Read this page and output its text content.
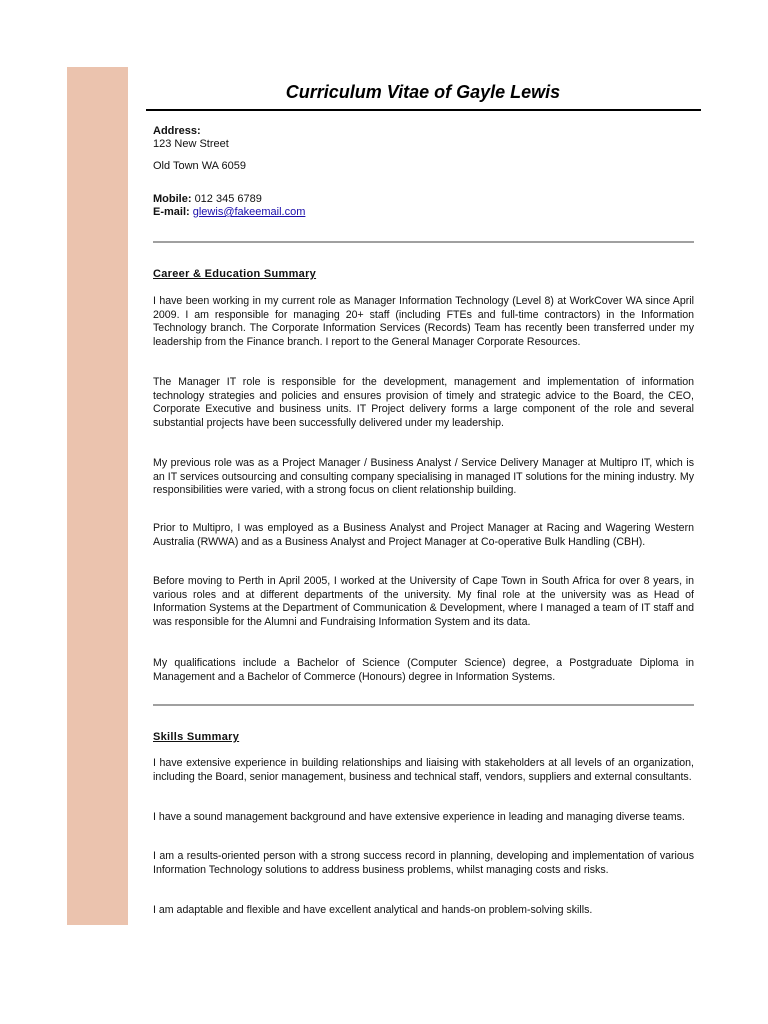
Curriculum Vitae of Gayle Lewis
Address:
123 New Street
Old Town WA 6059
Mobile: 012 345 6789
E-mail: glewis@fakeemail.com
Career & Education Summary

I have been working in my current role as Manager Information Technology (Level 8) at WorkCover WA since April 2009. I am responsible for managing 20+ staff (including FTEs and full-time contractors) in the Information Technology branch. The Corporate Information Services (Records) Team has recently been transferred under my leadership from the Finance branch. I report to the General Manager Corporate Resources.

The Manager IT role is responsible for the development, management and implementation of information technology strategies and policies and ensures provision of timely and strategic advice to the Board, the CEO, Corporate Executive and business units. IT Project delivery forms a large component of the role and several substantial projects have been successfully delivered under my leadership.

My previous role was as a Project Manager / Business Analyst / Service Delivery Manager at Multipro IT, which is an IT services outsourcing and consulting company specialising in managed IT solutions for the mining industry. My responsibilities were varied, with a strong focus on client relationship building.

Prior to Multipro, I was employed as a Business Analyst and Project Manager at Racing and Wagering Western Australia (RWWA) and as a Business Analyst and Project Manager at Co-operative Bulk Handling (CBH).

Before moving to Perth in April 2005, I worked at the University of Cape Town in South Africa for over 8 years, in various roles and at different departments of the university. My final role at the university was as Head of Information Systems at the Department of Communication & Development, where I managed a team of IT staff and was responsible for the Alumni and Fundraising Information System and its data.

My qualifications include a Bachelor of Science (Computer Science) degree, a Postgraduate Diploma in Management and a Bachelor of Commerce (Honours) degree in Information Systems.

Skills Summary

I have extensive experience in building relationships and liaising with stakeholders at all levels of an organization, including the Board, senior management, business and technical staff, vendors, suppliers and external consultants.

I have a sound management background and have extensive experience in leading and managing diverse teams.

I am a results-oriented person with a strong success record in planning, developing and implementation of various Information Technology solutions to address business problems, whilst managing costs and risks.

I am adaptable and flexible and have excellent analytical and hands-on problem-solving skills.
